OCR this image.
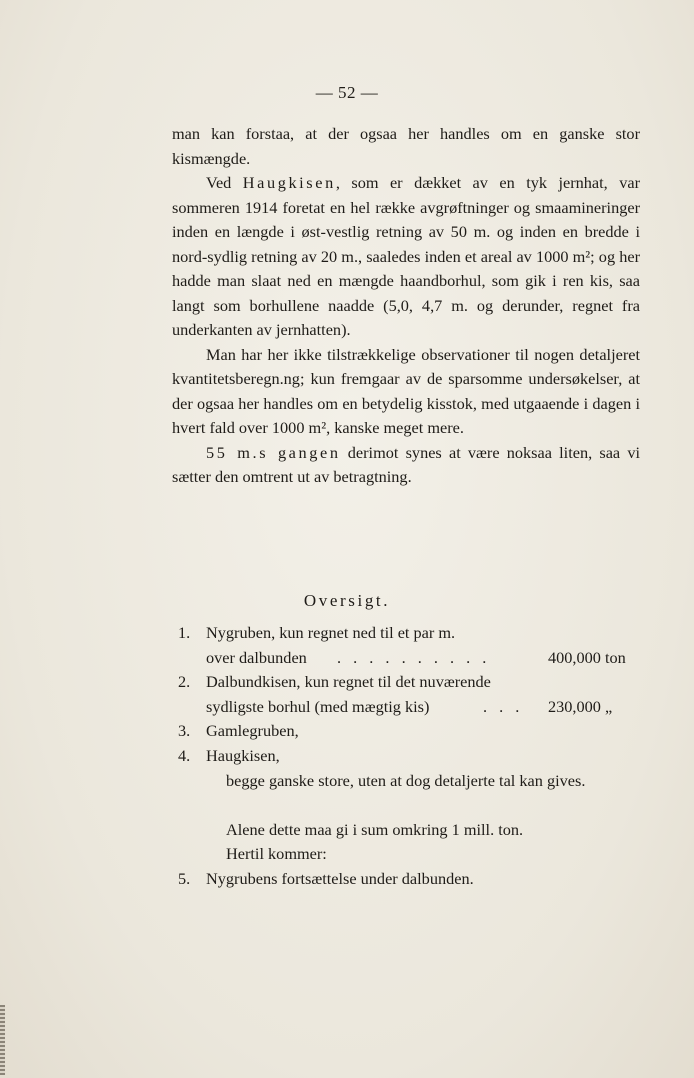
— 52 —

man kan forstaa, at der ogsaa her handles om en ganske stor kismængde.

Ved Haugkisen, som er dækket av en tyk jernhat, var sommeren 1914 foretat en hel række avgrøftninger og smaamineringer inden en længde i øst-vestlig retning av 50 m. og inden en bredde i nord-sydlig retning av 20 m., saaledes inden et areal av 1000 m²; og her hadde man slaat ned en mængde haandborhul, som gik i ren kis, saa langt som borhullene naadde (5,0, 4,7 m. og derunder, regnet fra underkanten av jernhatten).

Man har her ikke tilstrækkelige observationer til nogen detaljeret kvantitetsberegn.ng; kun fremgaar av de sparsomme undersøkelser, at der ogsaa her handles om en betydelig kisstok, med utgaaende i dagen i hvert fald over 1000 m², kanske meget mere.

55 m.s gangen derimot synes at være noksaa liten, saa vi sætter den omtrent ut av betragtning.

Oversigt.
1. Nygruben, kun regnet ned til et par m.
over dalbunden . . . . . . . . . .	400,000 ton
2. Dalbundkisen, kun regnet til det nuværende
sydligste borhul (med mægtig kis)	. . . 230,000 „
3. Gamlegruben,
4. Haugkisen,
begge ganske store, uten at dog detaljerte tal kan gives.
Alene dette maa gi i sum omkring 1 mill. ton.
Hertil kommer:
5. Nygrubens fortsættelse under dalbunden.
